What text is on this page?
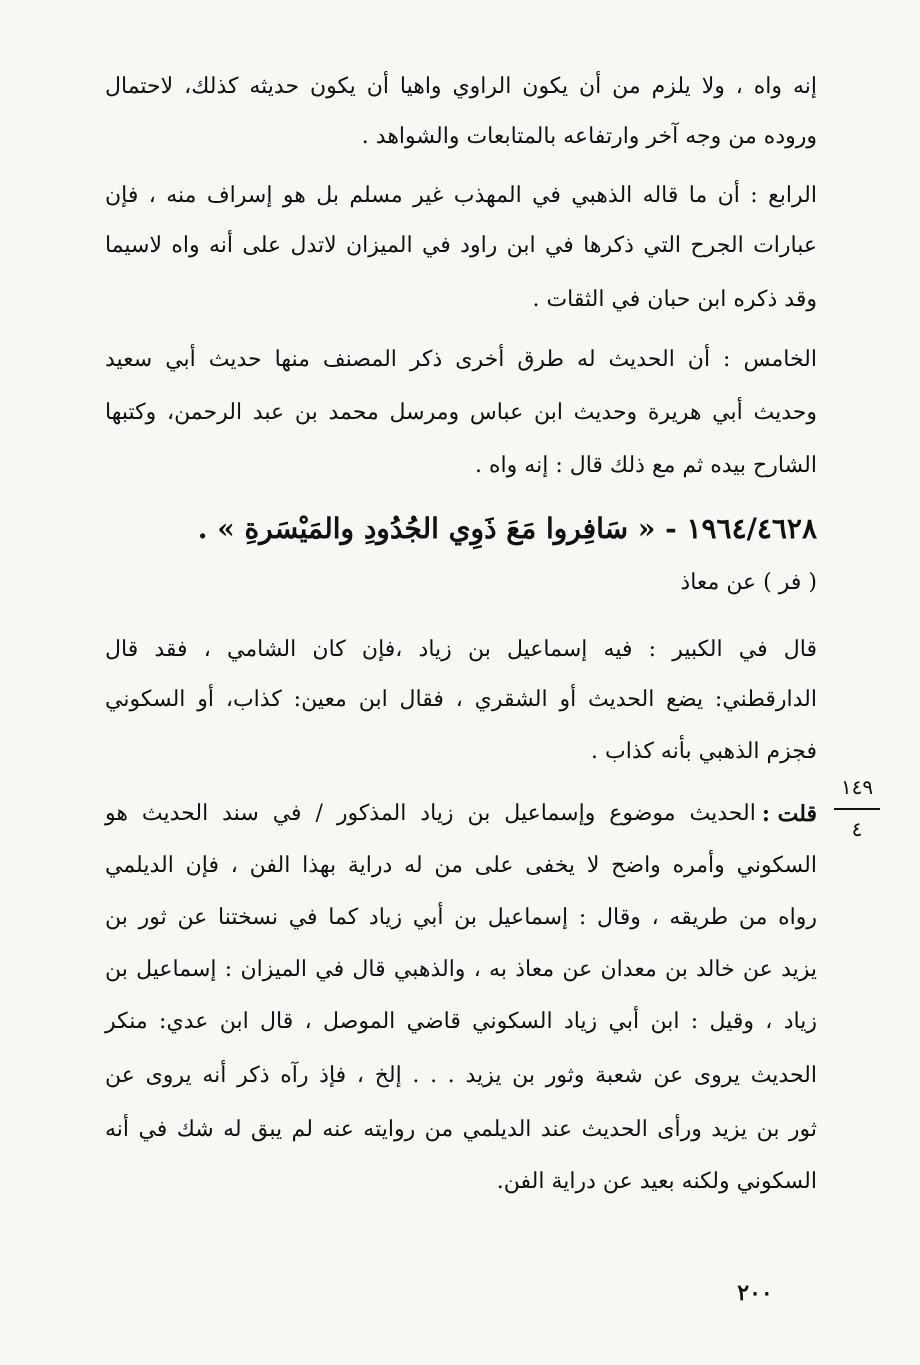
إنه واه ، ولا يلزم من أن يكون الراوي واهيا أن يكون حديثه كذلك، لاحتمال
وروده من وجه آخر وارتفاعه بالمتابعات والشواهد .
الرابع : أن ما قاله الذهبي في المهذب غير مسلم بل هو إسراف منه ، فإن
عبارات الجرح التي ذكرها في ابن راود في الميزان لاتدل على أنه واه لاسيما
وقد ذكره ابن حبان في الثقات .
الخامس : أن الحديث له طرق أخرى ذكر المصنف منها حديث أبي سعيد
وحديث أبي هريرة وحديث ابن عباس ومرسل محمد بن عبد الرحمن، وكتبها
الشارح بيده ثم مع ذلك قال : إنه واه .
١٩٦٤/٤٦٢٨ - « سَافِروا مَعَ ذَوِي الجُدُودِ والمَيْسَرةِ » .
( فر ) عن معاذ
قال في الكبير : فيه إسماعيل بن زياد ،فإن كان الشامي ، فقد قال
الدارقطني: يضع الحديث أو الشقري ، فقال ابن معين: كذاب، أو السكوني
فجزم الذهبي بأنه كذاب .
قلت :
الحديث موضوع وإسماعيل بن زياد المذكور / في سند الحديث هو
السكوني وأمره واضح لا يخفى على من له دراية بهذا الفن ، فإن الديلمي
رواه من طريقه ، وقال : إسماعيل بن أبي زياد كما في نسختنا عن ثور بن
يزيد عن خالد بن معدان عن معاذ به ، والذهبي قال في الميزان : إسماعيل بن
زياد ، وقيل : ابن أبي زياد السكوني قاضي الموصل ، قال ابن عدي: منكر
الحديث يروى عن شعبة وثور بن يزيد . . . إلخ ، فإذ رآه ذكر أنه يروى عن
ثور بن يزيد ورأى الحديث عند الديلمي من روايته عنه لم يبق له شك في أنه
السكوني ولكنه بعيد عن دراية الفن.
١٤٩
٤
٢٠٠
